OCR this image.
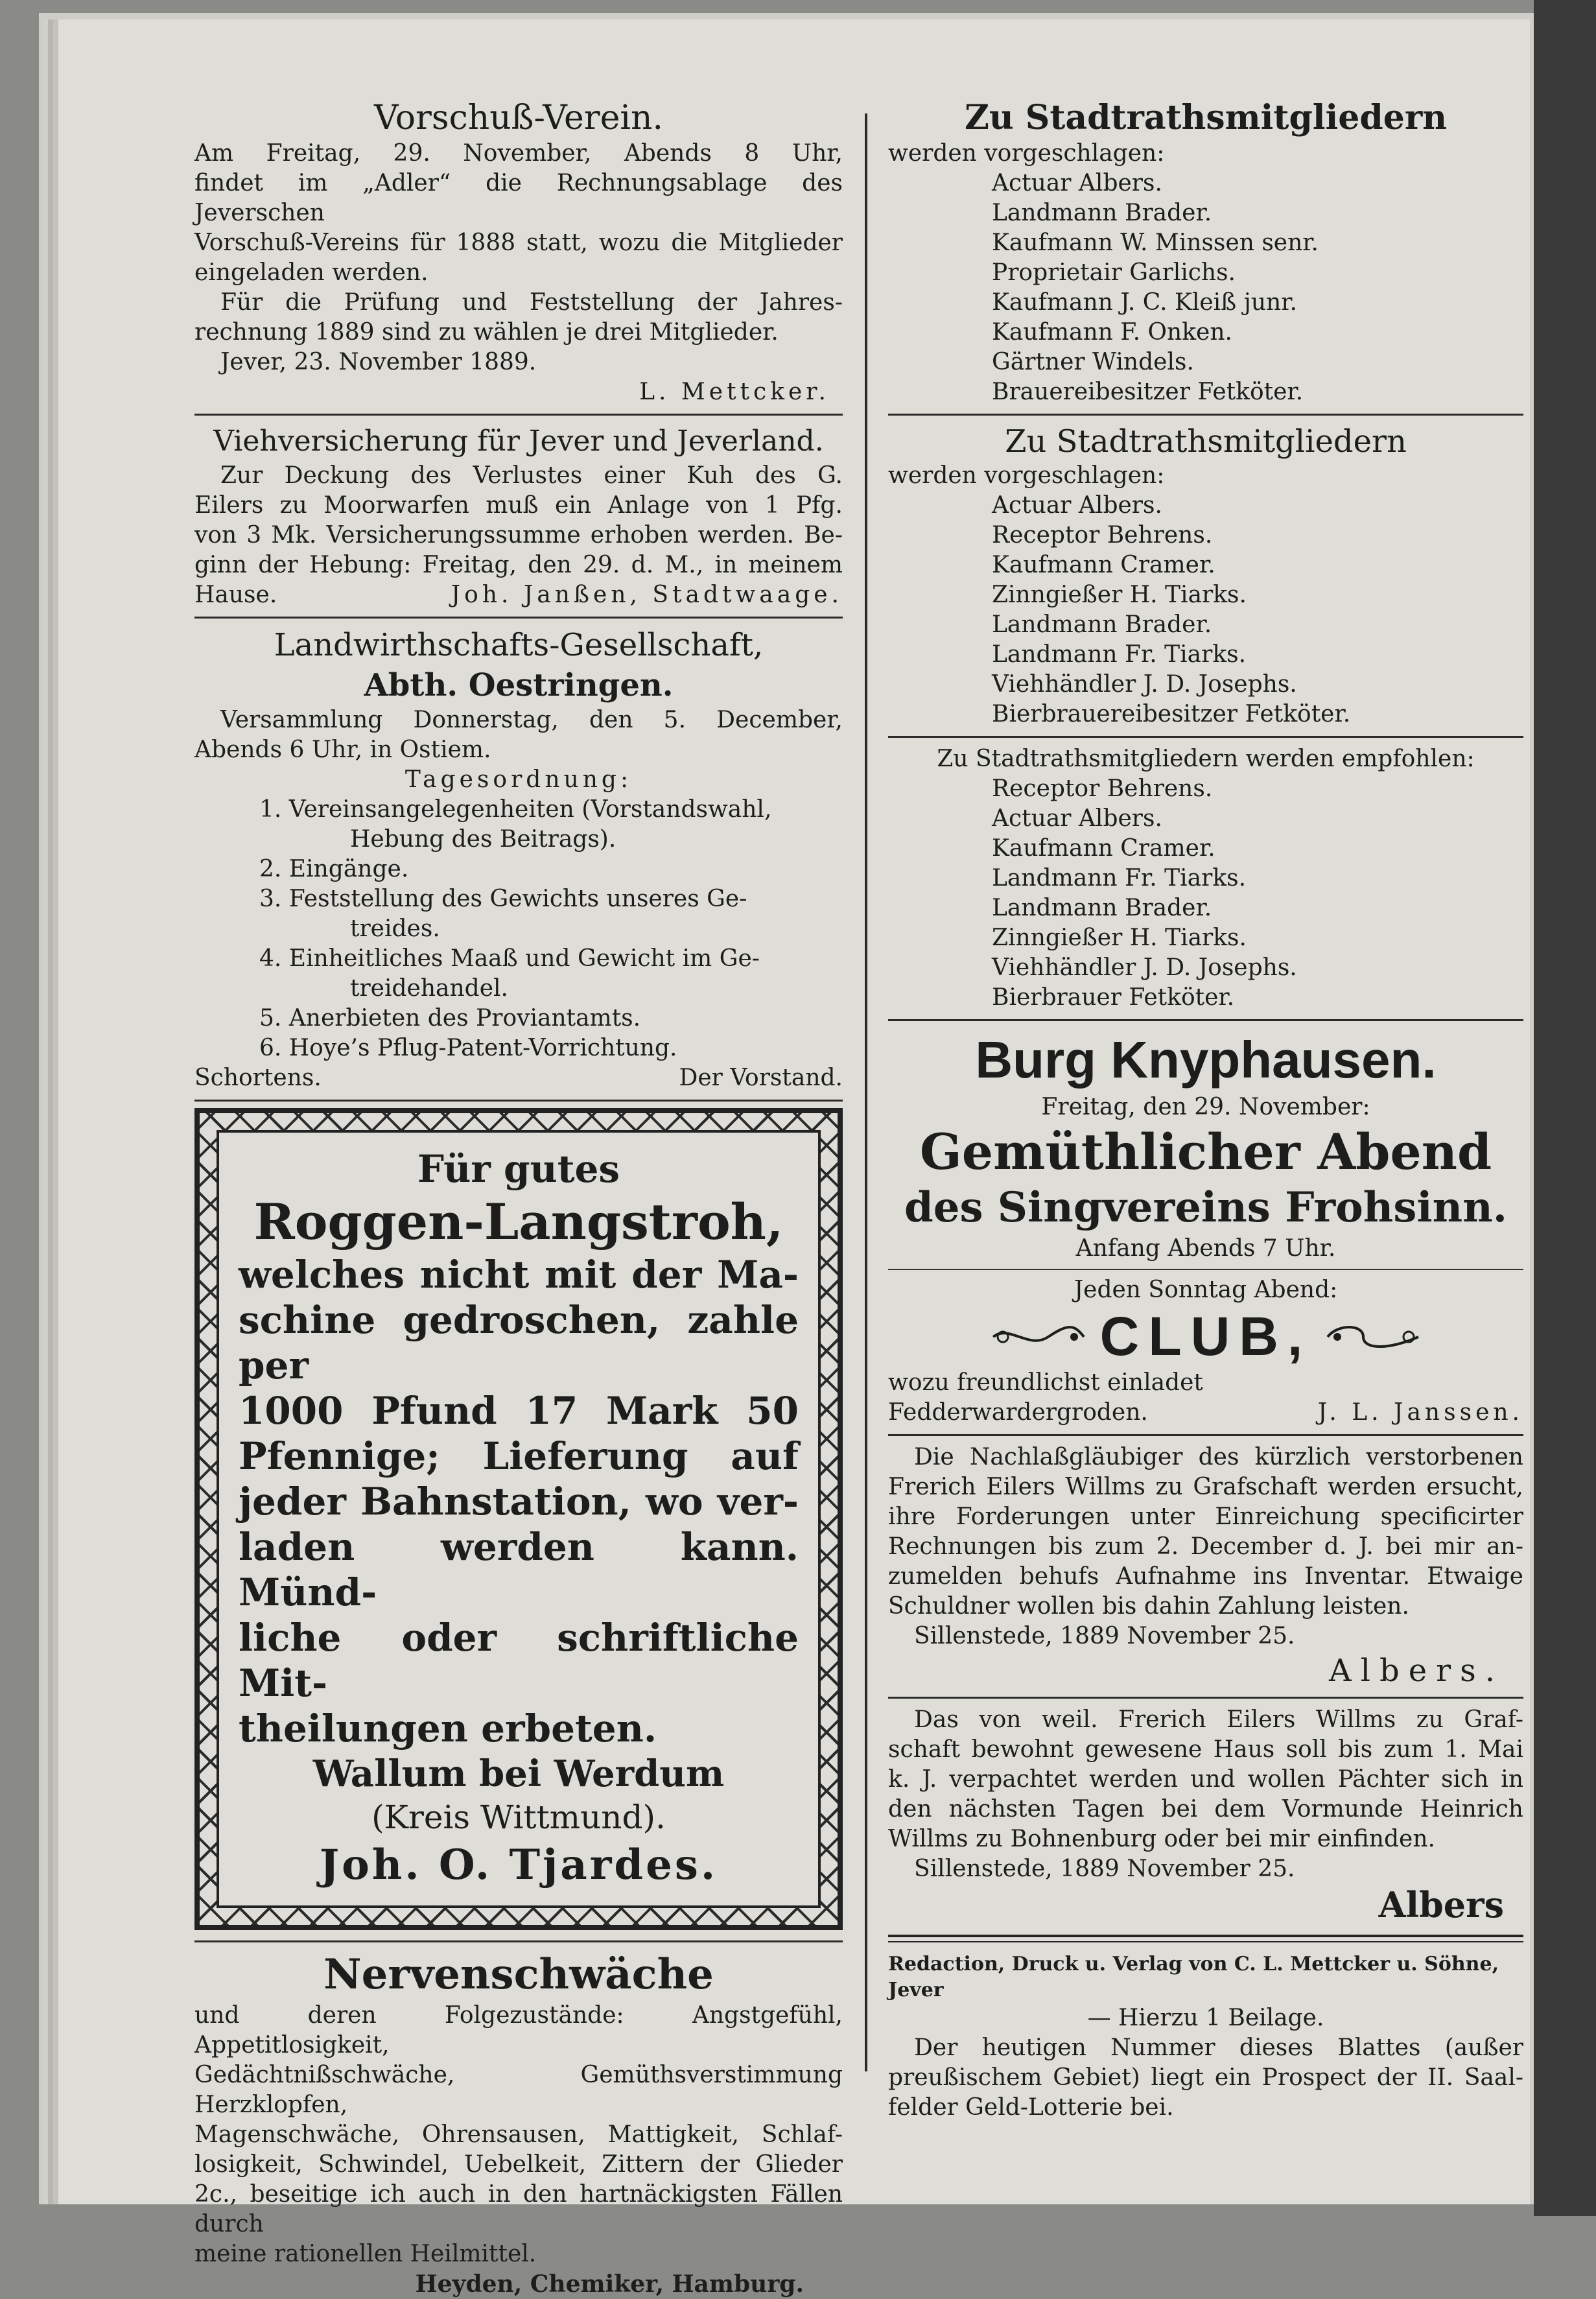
Vorschuß-Verein.
Am Freitag, 29. November, Abends 8 Uhr,
findet im „Adler“ die Rechnungsablage des Jeverschen
Vorschuß-Vereins für 1888 statt, wozu die Mitglieder
eingeladen werden.
Für die Prüfung und Feststellung der Jahres-
rechnung 1889 sind zu wählen je drei Mitglieder.
Jever, 23. November 1889.
L. Mettcker.
Viehversicherung für Jever und Jeverland.
Zur Deckung des Verlustes einer Kuh des G.
Eilers zu Moorwarfen muß ein Anlage von 1 Pfg.
von 3 Mk. Versicherungssumme erhoben werden. Be-
ginn der Hebung: Freitag, den 29. d. M., in meinem
Hause.	Joh. Janßen, Stadtwaage.
Landwirthschafts-Gesellschaft,
Abth. Oestringen.
Versammlung Donnerstag, den 5. December,
Abends 6 Uhr, in Ostiem.
Tagesordnung:
1. Vereinsangelegenheiten (Vorstandswahl,
Hebung des Beitrags).
2. Eingänge.
3. Feststellung des Gewichts unseres Ge-
treides.
4. Einheitliches Maaß und Gewicht im Ge-
treidehandel.
5. Anerbieten des Proviantamts.
6. Hoye’s Pflug-Patent-Vorrichtung.
Schortens.	Der Vorstand.
Für gutes
Roggen-Langstroh,
welches nicht mit der Ma-
schine gedroschen, zahle per
1000 Pfund 17 Mark 50
Pfennige; Lieferung auf
jeder Bahnstation, wo ver-
laden werden kann. Münd-
liche oder schriftliche Mit-
theilungen erbeten.
Wallum bei Werdum
(Kreis Wittmund).
Joh. O. Tjardes.
Nervenschwäche
und deren Folgezustände: Angstgefühl, Appetitlosigkeit,
Gedächtnißschwäche, Gemüthsverstimmung Herzklopfen,
Magenschwäche, Ohrensausen, Mattigkeit, Schlaf-
losigkeit, Schwindel, Uebelkeit, Zittern der Glieder
2c., beseitige ich auch in den hartnäckigsten Fällen durch
meine rationellen Heilmittel.
Heyden, Chemiker, Hamburg.
Zu Stadtrathsmitgliedern
werden vorgeschlagen:
Actuar Albers.
Landmann Brader.
Kaufmann W. Minssen senr.
Proprietair Garlichs.
Kaufmann J. C. Kleiß junr.
Kaufmann F. Onken.
Gärtner Windels.
Brauereibesitzer Fetköter.
Zu Stadtrathsmitgliedern
werden vorgeschlagen:
Actuar Albers.
Receptor Behrens.
Kaufmann Cramer.
Zinngießer H. Tiarks.
Landmann Brader.
Landmann Fr. Tiarks.
Viehhändler J. D. Josephs.
Bierbrauereibesitzer Fetköter.
Zu Stadtrathsmitgliedern werden empfohlen:
Receptor Behrens.
Actuar Albers.
Kaufmann Cramer.
Landmann Fr. Tiarks.
Landmann Brader.
Zinngießer H. Tiarks.
Viehhändler J. D. Josephs.
Bierbrauer Fetköter.
Burg Knyphausen.
Freitag, den 29. November:
Gemüthlicher Abend
des Singvereins Frohsinn.
Anfang Abends 7 Uhr.
Jeden Sonntag Abend:
CLUB,
wozu freundlichst einladet
Fedderwardergroden.	J. L. Janssen.
Die Nachlaßgläubiger des kürzlich verstorbenen
Frerich Eilers Willms zu Grafschaft werden ersucht,
ihre Forderungen unter Einreichung specificirter
Rechnungen bis zum 2. December d. J. bei mir an-
zumelden behufs Aufnahme ins Inventar. Etwaige
Schuldner wollen bis dahin Zahlung leisten.
Sillenstede, 1889 November 25.
Albers.
Das von weil. Frerich Eilers Willms zu Graf-
schaft bewohnt gewesene Haus soll bis zum 1. Mai
k. J. verpachtet werden und wollen Pächter sich in
den nächsten Tagen bei dem Vormunde Heinrich
Willms zu Bohnenburg oder bei mir einfinden.
Sillenstede, 1889 November 25.
Albers
Redaction, Druck u. Verlag von C. L. Mettcker u. Söhne, Jever
— Hierzu 1 Beilage.
Der heutigen Nummer dieses Blattes (außer
preußischem Gebiet) liegt ein Prospect der II. Saal-
felder Geld-Lotterie bei.
